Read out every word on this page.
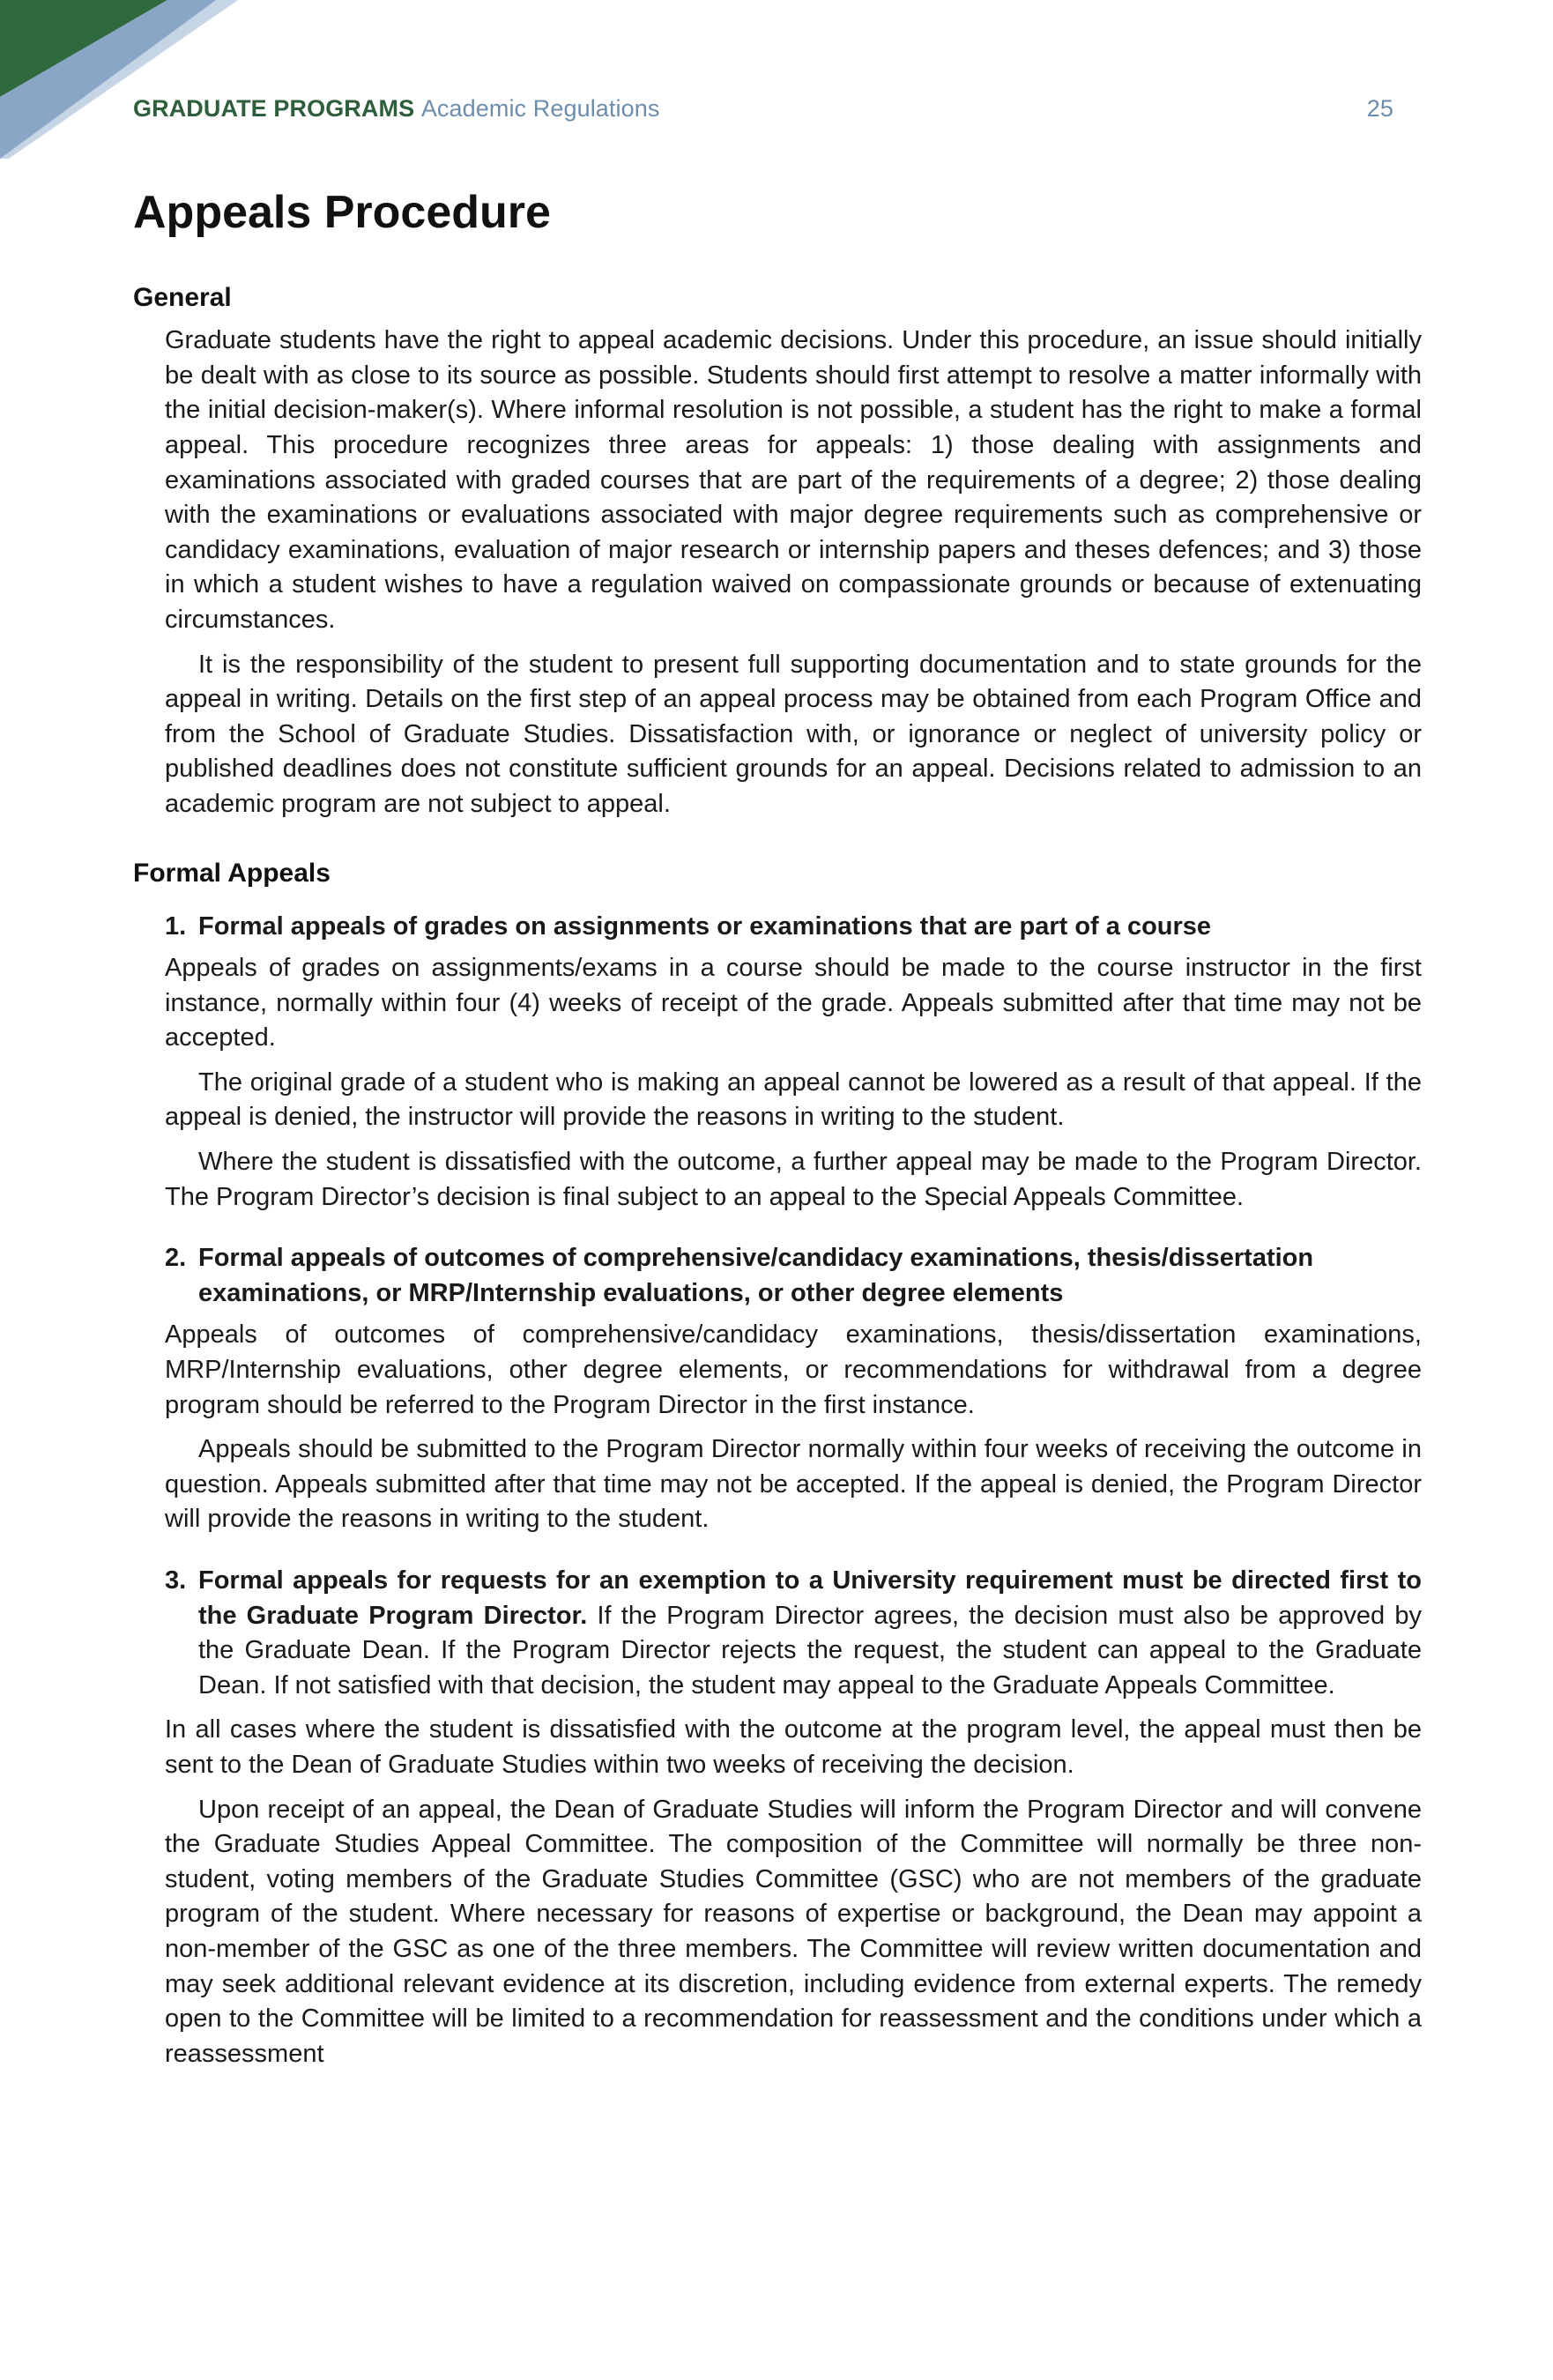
GRADUATE PROGRAMS Academic Regulations	25
Appeals Procedure
General

Graduate students have the right to appeal academic decisions. Under this procedure, an issue should initially be dealt with as close to its source as possible. Students should first attempt to resolve a matter informally with the initial decision-maker(s). Where informal resolution is not possible, a student has the right to make a formal appeal. This procedure recognizes three areas for appeals: 1) those dealing with assignments and examinations associated with graded courses that are part of the requirements of a degree; 2) those dealing with the examinations or evaluations associated with major degree requirements such as comprehensive or candidacy examinations, evaluation of major research or internship papers and theses defences; and 3) those in which a student wishes to have a regulation waived on compassionate grounds or because of extenuating circumstances.

It is the responsibility of the student to present full supporting documentation and to state grounds for the appeal in writing. Details on the first step of an appeal process may be obtained from each Program Office and from the School of Graduate Studies. Dissatisfaction with, or ignorance or neglect of university policy or published deadlines does not constitute sufficient grounds for an appeal. Decisions related to admission to an academic program are not subject to appeal.

Formal Appeals
1. Formal appeals of grades on assignments or examinations that are part of a course

Appeals of grades on assignments/exams in a course should be made to the course instructor in the first instance, normally within four (4) weeks of receipt of the grade. Appeals submitted after that time may not be accepted.

The original grade of a student who is making an appeal cannot be lowered as a result of that appeal. If the appeal is denied, the instructor will provide the reasons in writing to the student.

Where the student is dissatisfied with the outcome, a further appeal may be made to the Program Director. The Program Director’s decision is final subject to an appeal to the Special Appeals Committee.

2. Formal appeals of outcomes of comprehensive/candidacy examinations, thesis/dissertation examinations, or MRP/Internship evaluations, or other degree elements

Appeals of outcomes of comprehensive/candidacy examinations, thesis/dissertation examinations, MRP/Internship evaluations, other degree elements, or recommendations for withdrawal from a degree program should be referred to the Program Director in the first instance.

Appeals should be submitted to the Program Director normally within four weeks of receiving the outcome in question. Appeals submitted after that time may not be accepted. If the appeal is denied, the Program Director will provide the reasons in writing to the student.

3. Formal appeals for requests for an exemption to a University requirement must be directed first to the Graduate Program Director. If the Program Director agrees, the decision must also be approved by the Graduate Dean. If the Program Director rejects the request, the student can appeal to the Graduate Dean. If not satisfied with that decision, the student may appeal to the Graduate Appeals Committee.

In all cases where the student is dissatisfied with the outcome at the program level, the appeal must then be sent to the Dean of Graduate Studies within two weeks of receiving the decision.

Upon receipt of an appeal, the Dean of Graduate Studies will inform the Program Director and will convene the Graduate Studies Appeal Committee. The composition of the Committee will normally be three non-student, voting members of the Graduate Studies Committee (GSC) who are not members of the graduate program of the student. Where necessary for reasons of expertise or background, the Dean may appoint a non-member of the GSC as one of the three members. The Committee will review written documentation and may seek additional relevant evidence at its discretion, including evidence from external experts. The remedy open to the Committee will be limited to a recommendation for reassessment and the conditions under which a reassessment
